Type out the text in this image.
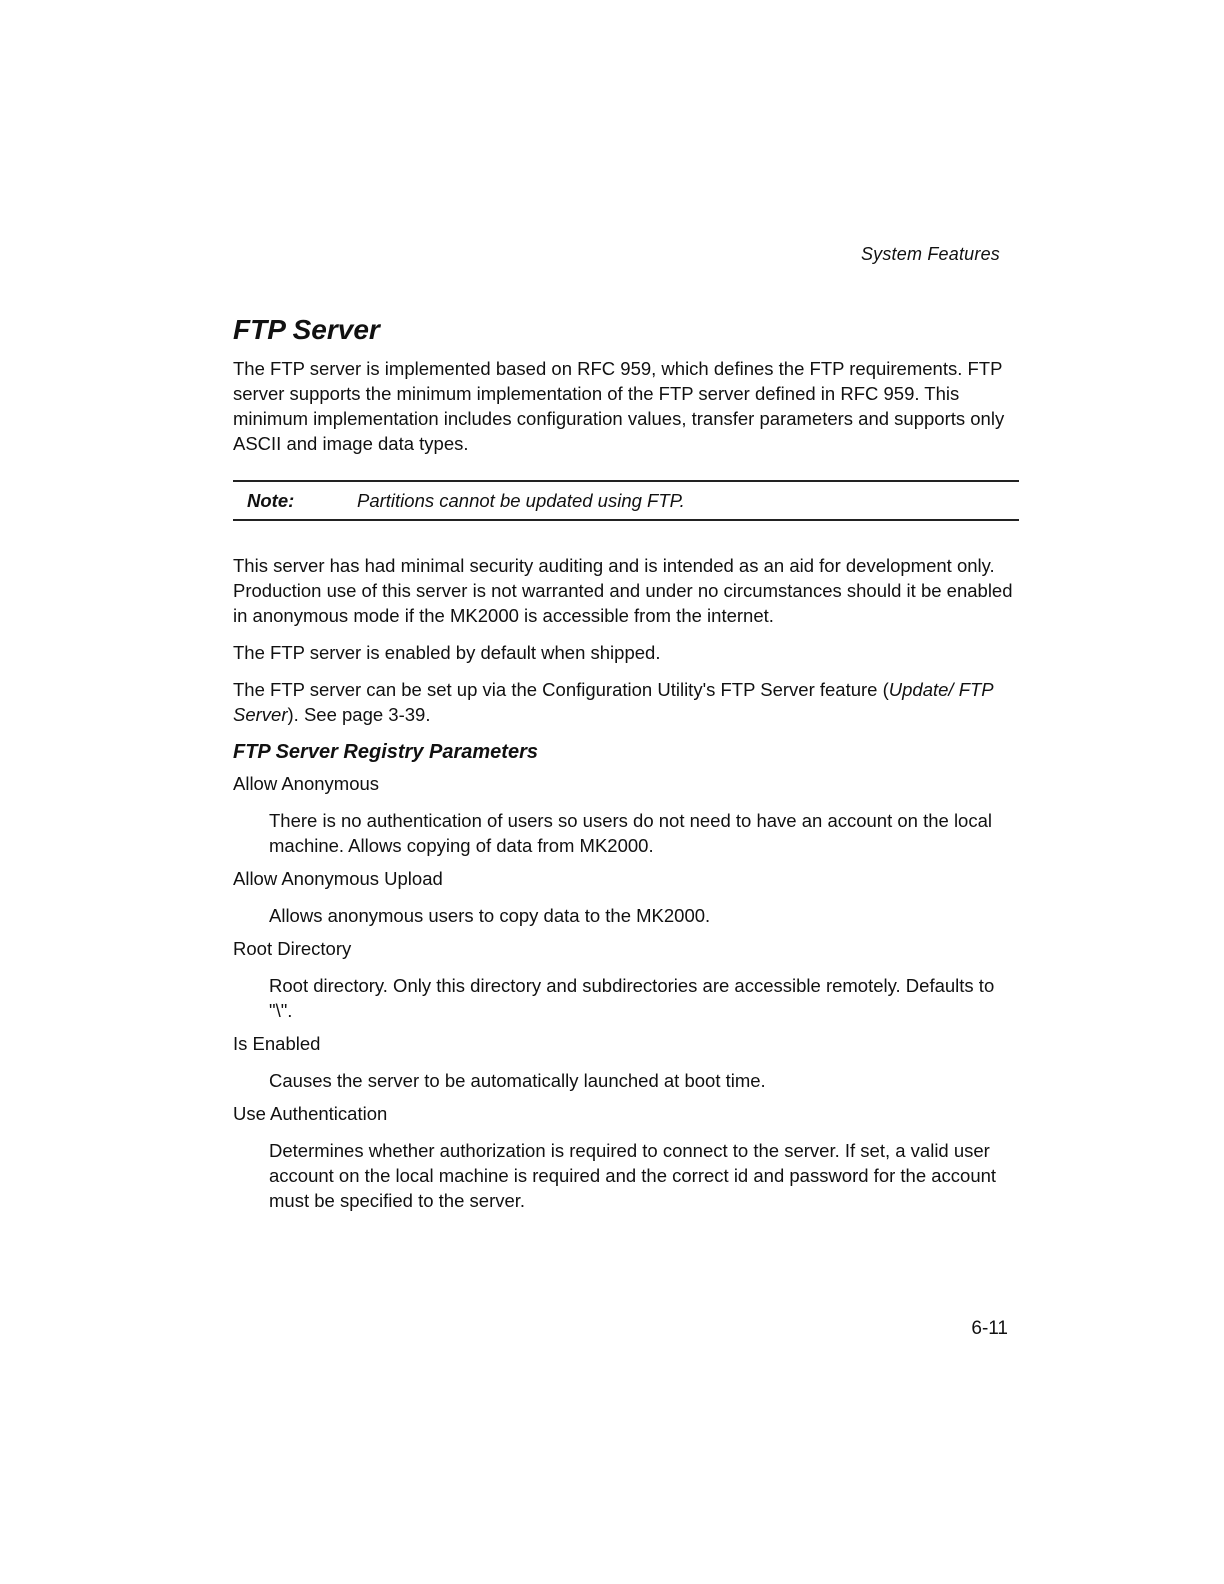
System Features
FTP Server

The FTP server is implemented based on RFC 959, which defines the FTP requirements. FTP server supports the minimum implementation of the FTP server defined in RFC 959. This minimum implementation includes configuration values, transfer parameters and supports only ASCII and image data types.

Note:	Partitions cannot be updated using FTP.

This server has had minimal security auditing and is intended as an aid for development only. Production use of this server is not warranted and under no circumstances should it be enabled in anonymous mode if the MK2000 is accessible from the internet.

The FTP server is enabled by default when shipped.

The FTP server can be set up via the Configuration Utility's FTP Server feature (Update/ FTP Server). See page 3-39.

FTP Server Registry Parameters
Allow Anonymous
There is no authentication of users so users do not need to have an account on the local machine. Allows copying of data from MK2000.
Allow Anonymous Upload
Allows anonymous users to copy data to the MK2000.
Root Directory
Root directory. Only this directory and subdirectories are accessible remotely. Defaults to "\".
Is Enabled
Causes the server to be automatically launched at boot time.
Use Authentication
Determines whether authorization is required to connect to the server. If set, a valid user account on the local machine is required and the correct id and password for the account must be specified to the server.
6-11
